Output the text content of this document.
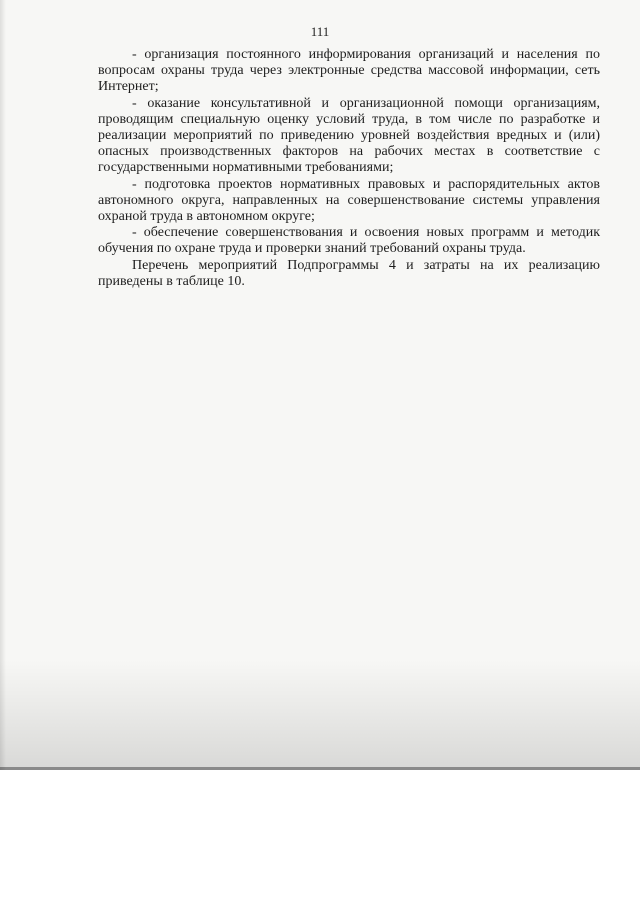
111

- организация постоянного информирования организаций и населения по вопросам охраны труда через электронные средства массовой информации, сеть Интернет;

- оказание консультативной и организационной помощи организациям, проводящим специальную оценку условий труда, в том числе по разработке и реализации мероприятий по приведению уровней воздействия вредных и (или) опасных производственных факторов на рабочих местах в соответствие с государственными нормативными требованиями;

- подготовка проектов нормативных правовых и распорядительных актов автономного округа, направленных на совершенствование системы управления охраной труда в автономном округе;

- обеспечение совершенствования и освоения новых программ и методик обучения по охране труда и проверки знаний требований охраны труда.

Перечень мероприятий Подпрограммы 4 и затраты на их реализацию приведены в таблице 10.
